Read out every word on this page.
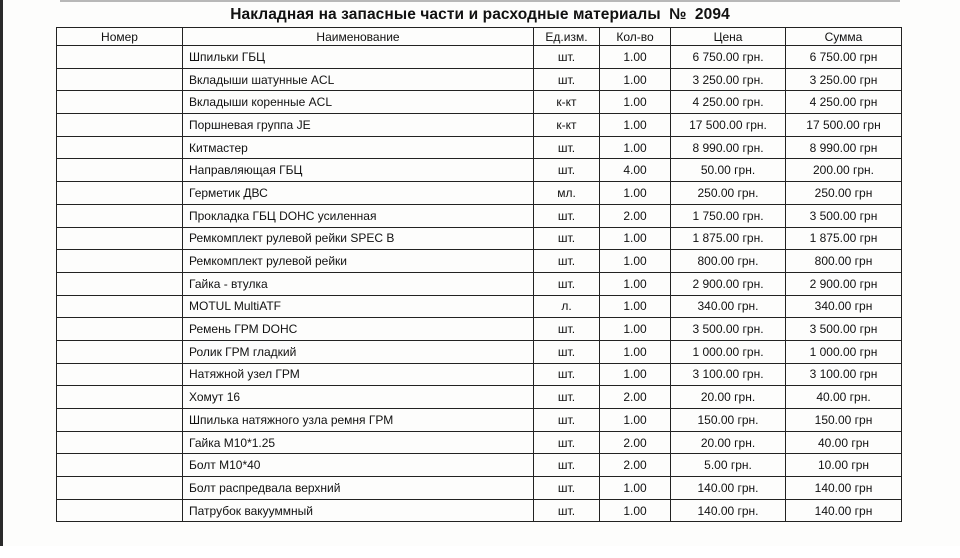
Накладная на запасные части и расходные материалы № 2094
Номер	Наименование	Ед.изм.	Кол-во	Цена	Сумма
	Шпильки ГБЦ	шт.	1.00	6 750.00 грн.	6 750.00 грн
	Вкладыши шатунные ACL	шт.	1.00	3 250.00 грн.	3 250.00 грн
	Вкладыши коренные ACL	к-кт	1.00	4 250.00 грн.	4 250.00 грн
	Поршневая группа JE	к-кт	1.00	17 500.00 грн.	17 500.00 грн
	Китмастер	шт.	1.00	8 990.00 грн.	8 990.00 грн
	Направляющая ГБЦ	шт.	4.00	50.00 грн.	200.00 грн.
	Герметик ДВС	мл.	1.00	250.00 грн.	250.00 грн
	Прокладка ГБЦ DOHC усиленная	шт.	2.00	1 750.00 грн.	3 500.00 грн
	Ремкомплект рулевой рейки SPEC B	шт.	1.00	1 875.00 грн.	1 875.00 грн
	Ремкомплект рулевой рейки	шт.	1.00	800.00 грн.	800.00 грн
	Гайка - втулка	шт.	1.00	2 900.00 грн.	2 900.00 грн
	MOTUL MultiATF	л.	1.00	340.00 грн.	340.00 грн
	Ремень ГРМ DOHC	шт.	1.00	3 500.00 грн.	3 500.00 грн
	Ролик ГРМ гладкий	шт.	1.00	1 000.00 грн.	1 000.00 грн
	Натяжной узел ГРМ	шт.	1.00	3 100.00 грн.	3 100.00 грн
	Хомут 16	шт.	2.00	20.00 грн.	40.00 грн.
	Шпилька натяжного узла ремня ГРМ	шт.	1.00	150.00 грн.	150.00 грн
	Гайка М10*1.25	шт.	2.00	20.00 грн.	40.00 грн
	Болт М10*40	шт.	2.00	5.00 грн.	10.00 грн
	Болт распредвала верхний	шт.	1.00	140.00 грн.	140.00 грн
	Патрубок вакууммный	шт.	1.00	140.00 грн.	140.00 грн
